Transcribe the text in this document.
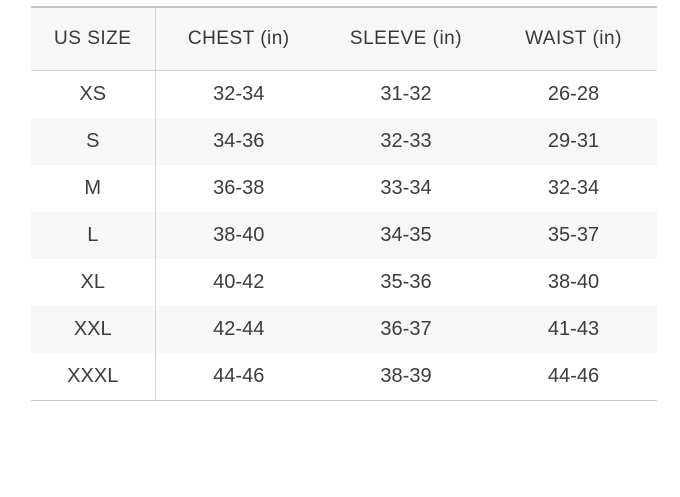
US SIZE	CHEST (in)	SLEEVE (in)	WAIST (in)
XS	32-34	31-32	26-28
S	34-36	32-33	29-31
M	36-38	33-34	32-34
L	38-40	34-35	35-37
XL	40-42	35-36	38-40
XXL	42-44	36-37	41-43
XXXL	44-46	38-39	44-46
